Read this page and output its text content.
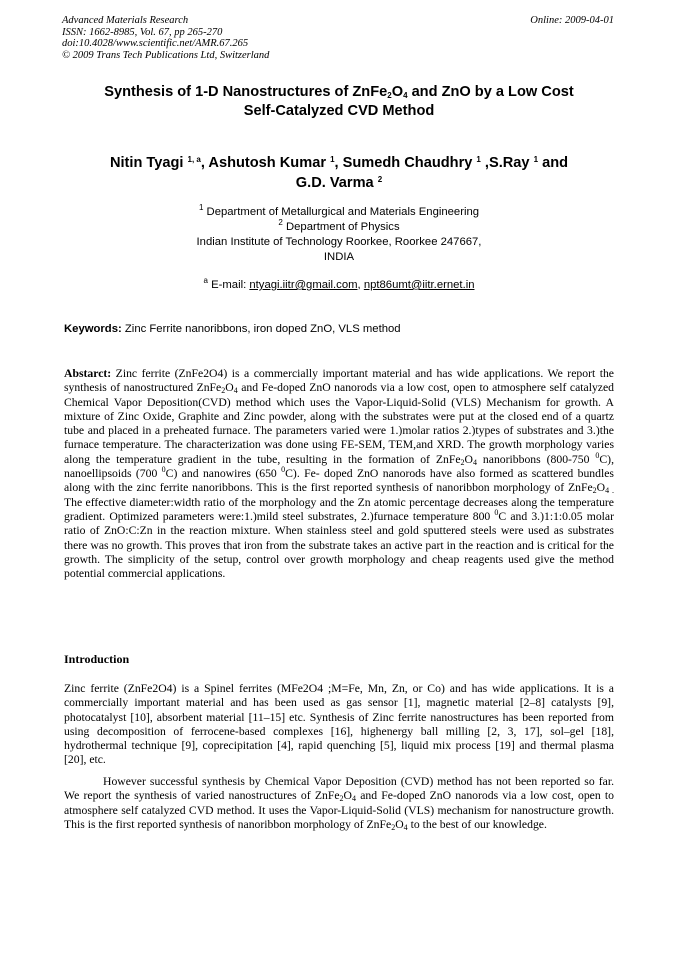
Advanced Materials Research
ISSN: 1662-8985, Vol. 67, pp 265-270
doi:10.4028/www.scientific.net/AMR.67.265
© 2009 Trans Tech Publications Ltd, Switzerland
Online: 2009-04-01
Synthesis of 1-D Nanostructures of $ZnFe_2O_4$ and ZnO by a Low Cost
Self-Catalyzed CVD Method
Nitin Tyagi $^{1, a}$, Ashutosh Kumar $^1$, Sumedh Chaudhry $^1$ ,S.Ray $^1$ and
G.D. Varma $^2$
$^1$ Department of Metallurgical and Materials Engineering
$^2$ Department of Physics
Indian Institute of Technology Roorkee, Roorkee 247667,
INDIA
$^a$ E-mail: ntyagi.iitr@gmail.com, npt86umt@iitr.ernet.in
Keywords: Zinc Ferrite nanoribbons, iron doped ZnO, VLS method

Abstarct: Zinc ferrite (ZnFe2O4) is a commercially important material and has wide applications. We report the synthesis of nanostructured $ZnFe_2O_4$ and Fe-doped ZnO nanorods via a low cost, open to atmosphere self catalyzed Chemical Vapor Deposition(CVD) method which uses the Vapor-Liquid-Solid (VLS) Mechanism for growth. A mixture of Zinc Oxide, Graphite and Zinc powder, along with the substrates were put at the closed end of a quartz tube and placed in a preheated furnace. The parameters varied were 1.)molar ratios 2.)types of substrates and 3.)the furnace temperature. The characterization was done using FE-SEM, TEM,and XRD. The growth morphology varies along the temperature gradient in the tube, resulting in the formation of $ZnFe_2O_4$ nanoribbons (800-750 $^0$C), nanoellipsoids (700 $^0$C) and nanowires (650 $^0$C). Fe- doped ZnO nanorods have also formed as scattered bundles along with the zinc ferrite nanoribbons. This is the first reported synthesis of nanoribbon morphology of $ZnFe_2O_{4 .}$ The effective diameter:width ratio of the morphology and the Zn atomic percentage decreases along the temperature gradient. Optimized parameters were:1.)mild steel substrates, 2.)furnace temperature 800 $^0$C and 3.)1:1:0.05 molar ratio of ZnO:C:Zn in the reaction mixture. When stainless steel and gold sputtered steels were used as substrates there was no growth. This proves that iron from the substrate takes an active part in the reaction and is critical for the growth. The simplicity of the setup, control over growth morphology and cheap reagents used give the method potential commercial applications.

Introduction
Zinc ferrite (ZnFe2O4) is a Spinel ferrites (MFe2O4 ;M=Fe, Mn, Zn, or Co) and has wide applications. It is a commercially important material and has been used as gas sensor [1], magnetic material [2–8] catalysts [9], photocatalyst [10], absorbent material [11–15] etc. Synthesis of Zinc ferrite nanostructures has been reported from using decomposition of ferrocene-based complexes [16], highenergy ball milling [2, 3, 17], sol–gel [18], hydrothermal technique [9], coprecipitation [4], rapid quenching [5], liquid mix process [19] and thermal plasma [20], etc.
However successful synthesis by Chemical Vapor Deposition (CVD) method has not been reported so far. We report the synthesis of varied nanostructures of $ZnFe_2O_4$ and Fe-doped ZnO nanorods via a low cost, open to atmosphere self catalyzed CVD method. It uses the Vapor-Liquid-Solid (VLS) mechanism for nanostructure growth. This is the first reported synthesis of nanoribbon morphology of $ZnFe_2O_4$ to the best of our knowledge.
